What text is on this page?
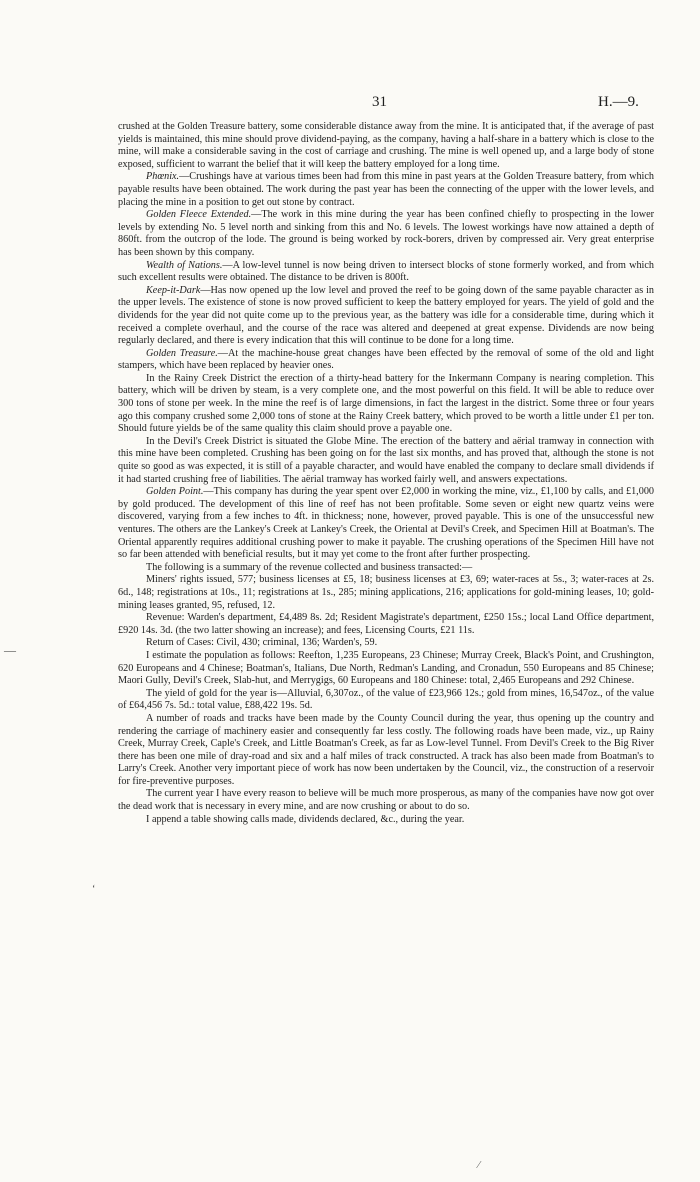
31	H.—9.

crushed at the Golden Treasure battery, some considerable distance away from the mine. It is anticipated that, if the average of past yields is maintained, this mine should prove dividend-paying, as the company, having a half-share in a battery which is close to the mine, will make a considerable saving in the cost of carriage and crushing. The mine is well opened up, and a large body of stone exposed, sufficient to warrant the belief that it will keep the battery employed for a long time.

Phœnix.—Crushings have at various times been had from this mine in past years at the Golden Treasure battery, from which payable results have been obtained. The work during the past year has been the connecting of the upper with the lower levels, and placing the mine in a position to get out stone by contract.

Golden Fleece Extended.—The work in this mine during the year has been confined chiefly to prospecting in the lower levels by extending No. 5 level north and sinking from this and No. 6 levels. The lowest workings have now attained a depth of 860ft. from the outcrop of the lode. The ground is being worked by rock-borers, driven by compressed air. Very great enterprise has been shown by this company.

Wealth of Nations.—A low-level tunnel is now being driven to intersect blocks of stone formerly worked, and from which such excellent results were obtained. The distance to be driven is 800ft.

Keep-it-Dark—Has now opened up the low level and proved the reef to be going down of the same payable character as in the upper levels. The existence of stone is now proved sufficient to keep the battery employed for years. The yield of gold and the dividends for the year did not quite come up to the previous year, as the battery was idle for a considerable time, during which it received a complete overhaul, and the course of the race was altered and deepened at great expense. Dividends are now being regularly declared, and there is every indication that this will continue to be done for a long time.

Golden Treasure.—At the machine-house great changes have been effected by the removal of some of the old and light stampers, which have been replaced by heavier ones.

In the Rainy Creek District the erection of a thirty-head battery for the Inkermann Company is nearing completion. This battery, which will be driven by steam, is a very complete one, and the most powerful on this field. It will be able to reduce over 300 tons of stone per week. In the mine the reef is of large dimensions, in fact the largest in the district. Some three or four years ago this company crushed some 2,000 tons of stone at the Rainy Creek battery, which proved to be worth a little under £1 per ton. Should future yields be of the same quality this claim should prove a payable one.

In the Devil's Creek District is situated the Globe Mine. The erection of the battery and aërial tramway in connection with this mine have been completed. Crushing has been going on for the last six months, and has proved that, although the stone is not quite so good as was expected, it is still of a payable character, and would have enabled the company to declare small dividends if it had started crushing free of liabilities. The aërial tramway has worked fairly well, and answers expectations.

Golden Point.—This company has during the year spent over £2,000 in working the mine, viz., £1,100 by calls, and £1,000 by gold produced. The development of this line of reef has not been profitable. Some seven or eight new quartz veins were discovered, varying from a few inches to 4ft. in thickness; none, however, proved payable. This is one of the unsuccessful new ventures. The others are the Lankey's Creek at Lankey's Creek, the Oriental at Devil's Creek, and Specimen Hill at Boatman's. The Oriental apparently requires additional crushing power to make it payable. The crushing operations of the Specimen Hill have not so far been attended with beneficial results, but it may yet come to the front after further prospecting.

The following is a summary of the revenue collected and business transacted:—

Miners' rights issued, 577; business licenses at £5, 18; business licenses at £3, 69; water-races at 5s., 3; water-races at 2s. 6d., 148; registrations at 10s., 11; registrations at 1s., 285; mining applications, 216; applications for gold-mining leases, 10; gold-mining leases granted, 95, refused, 12.

Revenue: Warden's department, £4,489 8s. 2d; Resident Magistrate's department, £250 15s.; local Land Office department, £920 14s. 3d. (the two latter showing an increase); and fees, Licensing Courts, £21 11s.

Return of Cases: Civil, 430; criminal, 136; Warden's, 59.

I estimate the population as follows: Reefton, 1,235 Europeans, 23 Chinese; Murray Creek, Black's Point, and Crushington, 620 Europeans and 4 Chinese; Boatman's, Italians, Due North, Redman's Landing, and Cronadun, 550 Europeans and 85 Chinese; Maori Gully, Devil's Creek, Slab-hut, and Merrygigs, 60 Europeans and 180 Chinese: total, 2,465 Europeans and 292 Chinese.

The yield of gold for the year is—Alluvial, 6,307oz., of the value of £23,966 12s.; gold from mines, 16,547oz., of the value of £64,456 7s. 5d.: total value, £88,422 19s. 5d.

A number of roads and tracks have been made by the County Council during the year, thus opening up the country and rendering the carriage of machinery easier and consequently far less costly. The following roads have been made, viz., up Rainy Creek, Murray Creek, Caple's Creek, and Little Boatman's Creek, as far as Low-level Tunnel. From Devil's Creek to the Big River there has been one mile of dray-road and six and a half miles of track constructed. A track has also been made from Boatman's to Larry's Creek. Another very important piece of work has now been undertaken by the Council, viz., the construction of a reservoir for fire-preventive purposes.

The current year I have every reason to believe will be much more prosperous, as many of the companies have now got over the dead work that is necessary in every mine, and are now crushing or about to do so.

I append a table showing calls made, dividends declared, &c., during the year.

—
‘
⁄
